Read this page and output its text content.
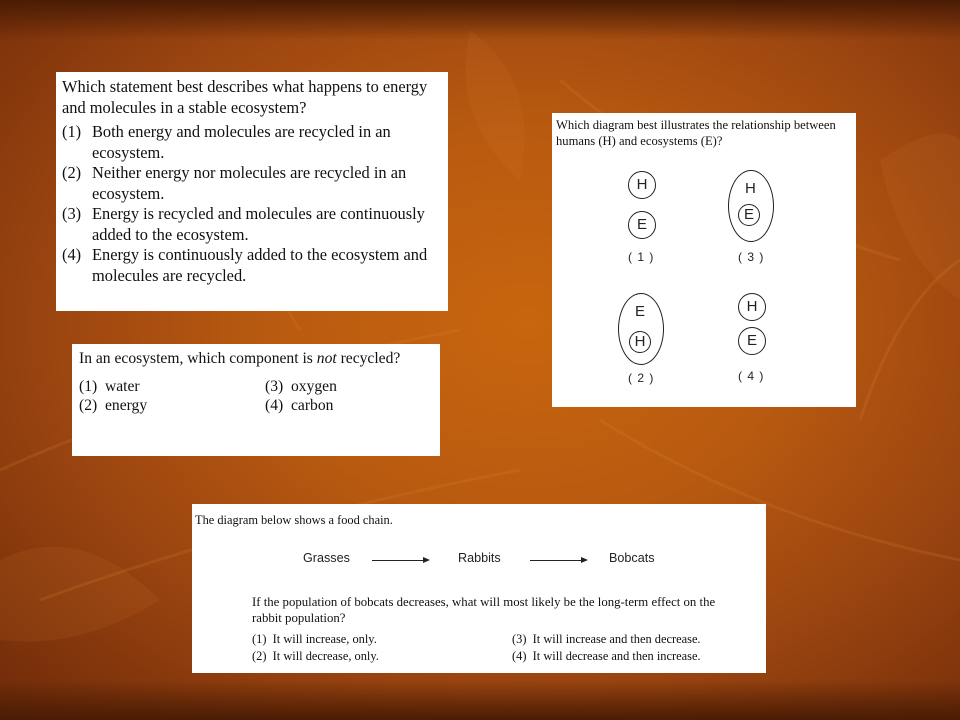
Which statement best describes what happens to energy and molecules in a stable ecosystem?
(1) Both energy and molecules are recycled in an ecosystem.
(2) Neither energy nor molecules are recycled in an ecosystem.
(3) Energy is recycled and molecules are continuously added to the ecosystem.
(4) Energy is continuously added to the ecosystem and molecules are recycled.
In an ecosystem, which component is not recycled?
(1) water	(3) oxygen
(2) energy	(4) carbon
Which diagram best illustrates the relationship between humans (H) and ecosystems (E)?
H
E
( 1 )
H
E
( 3 )
E
H
( 2 )
H
E
( 4 )
The diagram below shows a food chain.
Grasses	Rabbits	Bobcats
If the population of bobcats decreases, what will most likely be the long-term effect on the rabbit population?
(1) It will increase, only.	(3) It will increase and then decrease.
(2) It will decrease, only.	(4) It will decrease and then increase.
